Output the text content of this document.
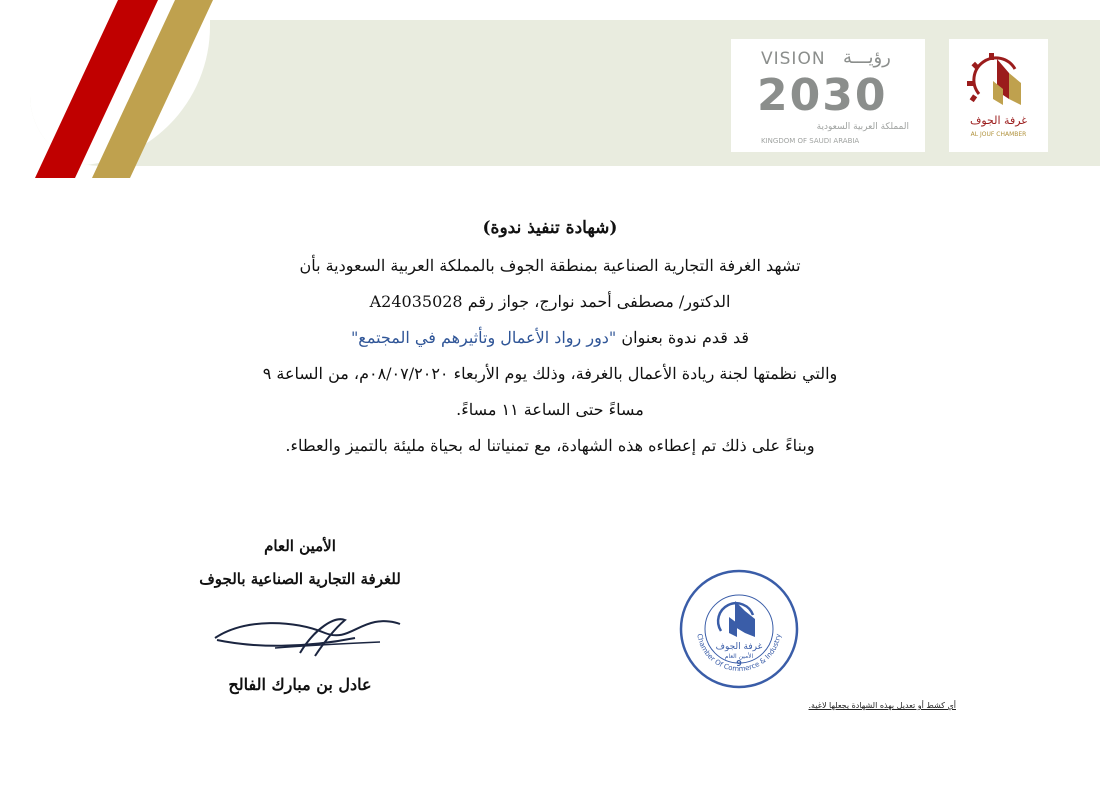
VISION رؤيـــة
2030
المملكة العربية السعودية
KINGDOM OF SAUDI ARABIA
غرفة الجوف
AL JOUF CHAMBER
(شهادة تنفيذ ندوة)
تشهد الغرفة التجارية الصناعية بمنطقة الجوف بالمملكة العربية السعودية بأن
الدكتور/ مصطفى أحمد نوارج، جواز رقم A24035028
قد قدم ندوة بعنوان "دور رواد الأعمال وتأثيرهم في المجتمع"
والتي نظمتها لجنة ريادة الأعمال بالغرفة، وذلك يوم الأربعاء ٠٨/٠٧/٢٠٢٠م، من الساعة ٩
مساءً حتى الساعة ١١ مساءً.
وبناءً على ذلك تم إعطاءه هذه الشهادة، مع تمنياتنا له بحياة مليئة بالتميز والعطاء.
الأمين العام
للغرفة التجارية الصناعية بالجوف
عادل بن مبارك الفالح
غرفة الجوف
الأمين العام
9
Chamber Of Commerce & Industry
أي كشط أو تعديل بهذه الشهادة يجعلها لاغية.
